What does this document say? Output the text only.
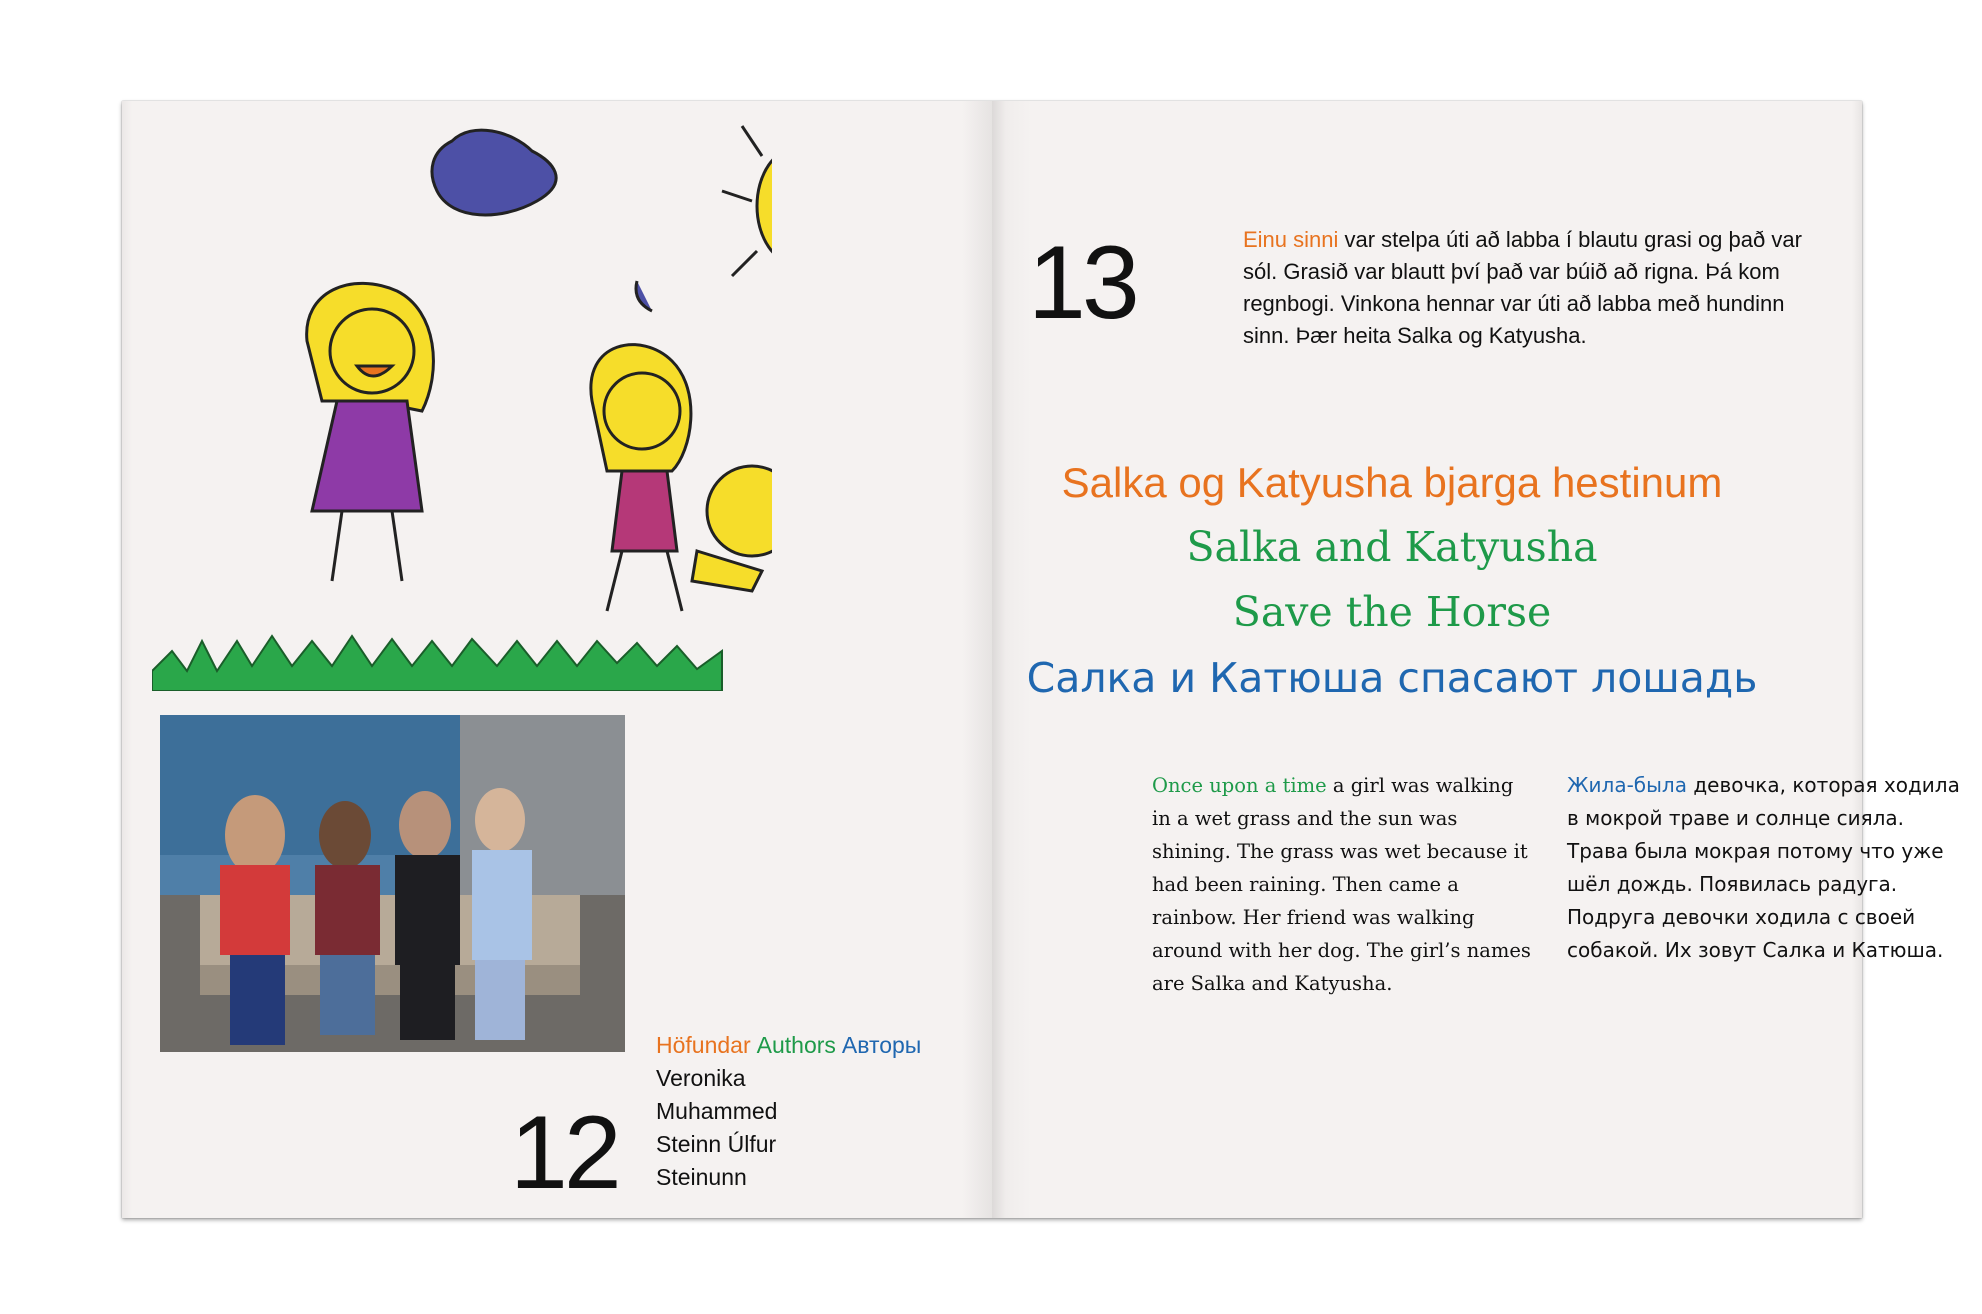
12
Höfundar Authors Авторы
Veronika
Muhammed
Steinn Úlfur
Steinunn
13	Einu sinni var stelpa úti að labba í blautu grasi og það var sól. Grasið var blautt því það var búið að rigna. Þá kom regnbogi. Vinkona hennar var úti að labba með hundinn sinn. Þær heita Salka og Katyusha.
Salka og Katyusha bjarga hestinum
Salka and Katyusha
Save the Horse
Салка и Катюша спасают лошадь
Once upon a time a girl was walking in a wet grass and the sun was shining. The grass was wet because it had been raining. Then came a rainbow. Her friend was walking around with her dog. The girl’s names are Salka and Katyusha.
Жила-была девочка, которая ходила в мокрой траве и солнце сияла. Трава была мокрая потому что уже шёл дождь. Появилась радуга. Подруга девочки ходила с своей собакой. Их зовут Салка и Катюша.
